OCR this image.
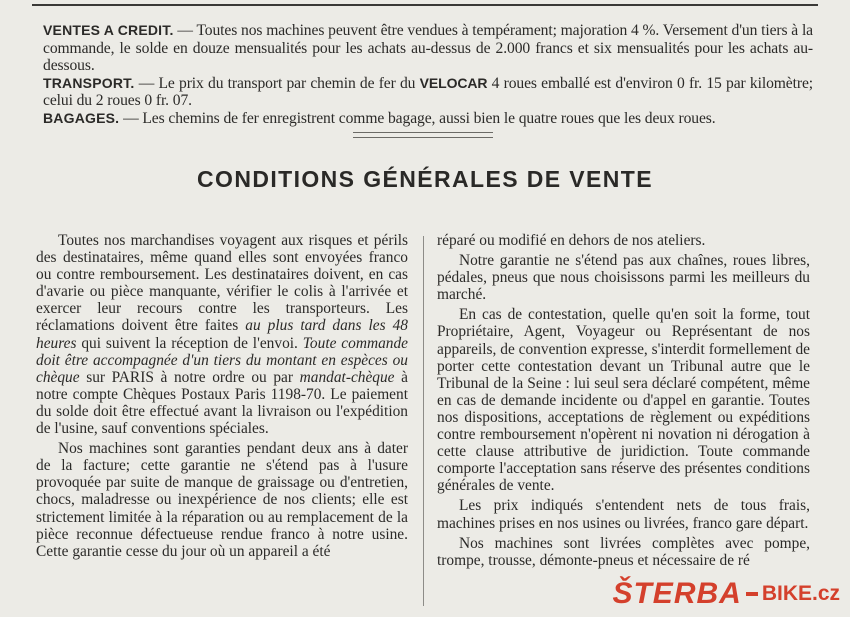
VENTES A CREDIT. — Toutes nos machines peuvent être vendues à tempérament; majoration 4 %. Versement d'un tiers à la commande, le solde en douze mensualités pour les achats au-dessus de 2.000 francs et six mensualités pour les achats au-dessous.

TRANSPORT. — Le prix du transport par chemin de fer du VELOCAR 4 roues emballé est d'environ 0 fr. 15 par kilomètre; celui du 2 roues 0 fr. 07.

BAGAGES. — Les chemins de fer enregistrent comme bagage, aussi bien le quatre roues que les deux roues.

CONDITIONS GÉNÉRALES DE VENTE

Toutes nos marchandises voyagent aux risques et périls des destinataires, même quand elles sont envoyées franco ou contre remboursement. Les destinataires doivent, en cas d'avarie ou pièce manquante, vérifier le colis à l'arrivée et exercer leur recours contre les transporteurs. Les réclamations doivent être faites au plus tard dans les 48 heures qui suivent la réception de l'envoi. Toute commande doit être accompagnée d'un tiers du montant en espèces ou chèque sur PARIS à notre ordre ou par mandat-chèque à notre compte Chèques Postaux Paris 1198-70. Le paiement du solde doit être effectué avant la livraison ou l'expédition de l'usine, sauf conventions spéciales.

Nos machines sont garanties pendant deux ans à dater de la facture; cette garantie ne s'étend pas à l'usure provoquée par suite de manque de graissage ou d'entretien, chocs, maladresse ou inexpérience de nos clients; elle est strictement limitée à la réparation ou au remplacement de la pièce reconnue défectueuse rendue franco à notre usine. Cette garantie cesse du jour où un appareil a été

réparé ou modifié en dehors de nos ateliers.

Notre garantie ne s'étend pas aux chaînes, roues libres, pédales, pneus que nous choisissons parmi les meilleurs du marché.

En cas de contestation, quelle qu'en soit la forme, tout Propriétaire, Agent, Voyageur ou Représentant de nos appareils, de convention expresse, s'interdit formellement de porter cette contestation devant un Tribunal autre que le Tribunal de la Seine : lui seul sera déclaré compétent, même en cas de demande incidente ou d'appel en garantie. Toutes nos dispositions, acceptations de règlement ou expéditions contre remboursement n'opèrent ni novation ni dérogation à cette clause attributive de juridiction. Toute commande comporte l'acceptation sans réserve des présentes conditions générales de vente.

Les prix indiqués s'entendent nets de tous frais, machines prises en nos usines ou livrées, franco gare départ.

Nos machines sont livrées complètes avec pompe, trompe, trousse, démonte-pneus et nécessaire de ré

ŠTERBA BIKE.cz
